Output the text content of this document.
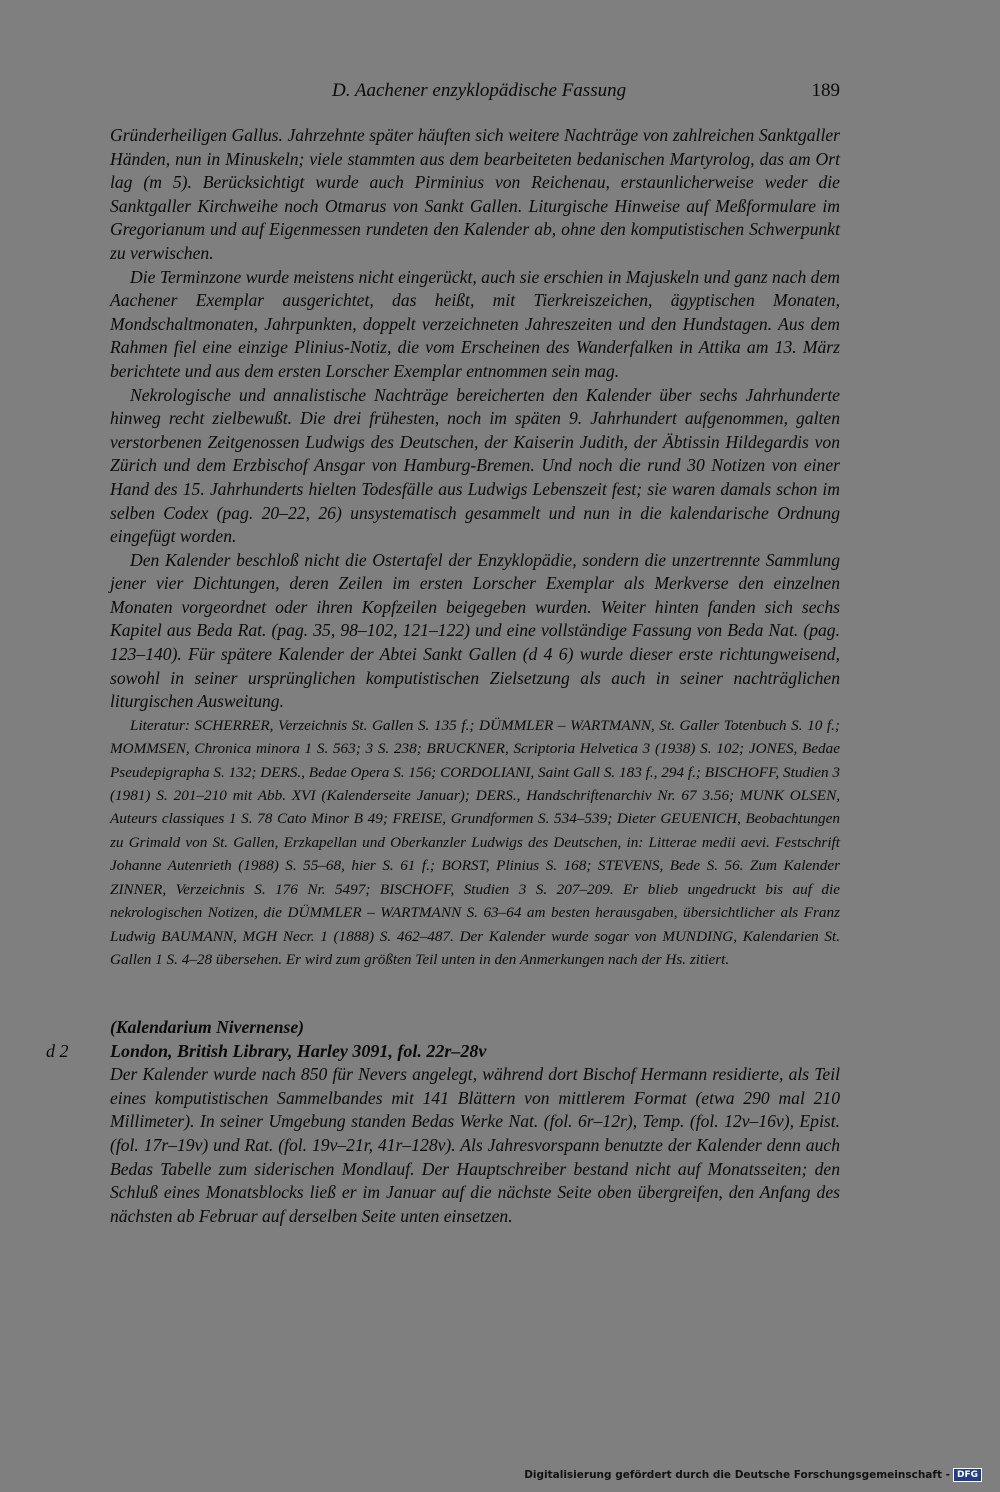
D. Aachener enzyklopädische Fassung	189

Gründerheiligen Gallus. Jahrzehnte später häuften sich weitere Nachträge von zahlreichen Sanktgaller Händen, nun in Minuskeln; viele stammten aus dem bearbeiteten bedanischen Martyrolog, das am Ort lag (m 5). Berücksichtigt wurde auch Pirminius von Reichenau, erstaunlicherweise weder die Sanktgaller Kirchweihe noch Otmarus von Sankt Gallen. Liturgische Hinweise auf Meßformulare im Gregorianum und auf Eigenmessen rundeten den Kalender ab, ohne den komputistischen Schwerpunkt zu verwischen.

Die Terminzone wurde meistens nicht eingerückt, auch sie erschien in Majuskeln und ganz nach dem Aachener Exemplar ausgerichtet, das heißt, mit Tierkreiszeichen, ägyptischen Monaten, Mondschaltmonaten, Jahrpunkten, doppelt verzeichneten Jahreszeiten und den Hundstagen. Aus dem Rahmen fiel eine einzige Plinius-Notiz, die vom Erscheinen des Wanderfalken in Attika am 13. März berichtete und aus dem ersten Lorscher Exemplar entnommen sein mag.

Nekrologische und annalistische Nachträge bereicherten den Kalender über sechs Jahrhunderte hinweg recht zielbewußt. Die drei frühesten, noch im späten 9. Jahrhundert aufgenommen, galten verstorbenen Zeitgenossen Ludwigs des Deutschen, der Kaiserin Judith, der Äbtissin Hildegardis von Zürich und dem Erzbischof Ansgar von Hamburg-Bremen. Und noch die rund 30 Notizen von einer Hand des 15. Jahrhunderts hielten Todesfälle aus Ludwigs Lebenszeit fest; sie waren damals schon im selben Codex (pag. 20–22, 26) unsystematisch gesammelt und nun in die kalendarische Ordnung eingefügt worden.

Den Kalender beschloß nicht die Ostertafel der Enzyklopädie, sondern die unzertrennte Sammlung jener vier Dichtungen, deren Zeilen im ersten Lorscher Exemplar als Merkverse den einzelnen Monaten vorgeordnet oder ihren Kopfzeilen beigegeben wurden. Weiter hinten fanden sich sechs Kapitel aus Beda Rat. (pag. 35, 98–102, 121–122) und eine vollständige Fassung von Beda Nat. (pag. 123–140). Für spätere Kalender der Abtei Sankt Gallen (d 4 6) wurde dieser erste richtungweisend, sowohl in seiner ursprünglichen komputistischen Zielsetzung als auch in seiner nachträglichen liturgischen Ausweitung.

Literatur: SCHERRER, Verzeichnis St. Gallen S. 135 f.; DÜMMLER – WARTMANN, St. Galler Totenbuch S. 10 f.; MOMMSEN, Chronica minora 1 S. 563; 3 S. 238; BRUCKNER, Scriptoria Helvetica 3 (1938) S. 102; JONES, Bedae Pseudepigrapha S. 132; DERS., Bedae Opera S. 156; CORDOLIANI, Saint Gall S. 183 f., 294 f.; BISCHOFF, Studien 3 (1981) S. 201–210 mit Abb. XVI (Kalenderseite Januar); DERS., Handschriftenarchiv Nr. 67 3.56; MUNK OLSEN, Auteurs classiques 1 S. 78 Cato Minor B 49; FREISE, Grundformen S. 534–539; Dieter GEUENICH, Beobachtungen zu Grimald von St. Gallen, Erzkapellan und Oberkanzler Ludwigs des Deutschen, in: Litterae medii aevi. Festschrift Johanne Autenrieth (1988) S. 55–68, hier S. 61 f.; BORST, Plinius S. 168; STEVENS, Bede S. 56. Zum Kalender ZINNER, Verzeichnis S. 176 Nr. 5497; BISCHOFF, Studien 3 S. 207–209. Er blieb ungedruckt bis auf die nekrologischen Notizen, die DÜMMLER – WARTMANN S. 63–64 am besten herausgaben, übersichtlicher als Franz Ludwig BAUMANN, MGH Necr. 1 (1888) S. 462–487. Der Kalender wurde sogar von MUNDING, Kalendarien St. Gallen 1 S. 4–28 übersehen. Er wird zum größten Teil unten in den Anmerkungen nach der Hs. zitiert.

(Kalendarium Nivernense)
d 2 London, British Library, Harley 3091, fol. 22r–28v
Der Kalender wurde nach 850 für Nevers angelegt, während dort Bischof Hermann residierte, als Teil eines komputistischen Sammelbandes mit 141 Blättern von mittlerem Format (etwa 290 mal 210 Millimeter). In seiner Umgebung standen Bedas Werke Nat. (fol. 6r–12r), Temp. (fol. 12v–16v), Epist. (fol. 17r–19v) und Rat. (fol. 19v–21r, 41r–128v). Als Jahresvorspann benutzte der Kalender denn auch Bedas Tabelle zum siderischen Mondlauf. Der Hauptschreiber bestand nicht auf Monatsseiten; den Schluß eines Monatsblocks ließ er im Januar auf die nächste Seite oben übergreifen, den Anfang des nächsten ab Februar auf derselben Seite unten einsetzen.
Digitalisierung gefördert durch die Deutsche Forschungsgemeinschaft - DFG
